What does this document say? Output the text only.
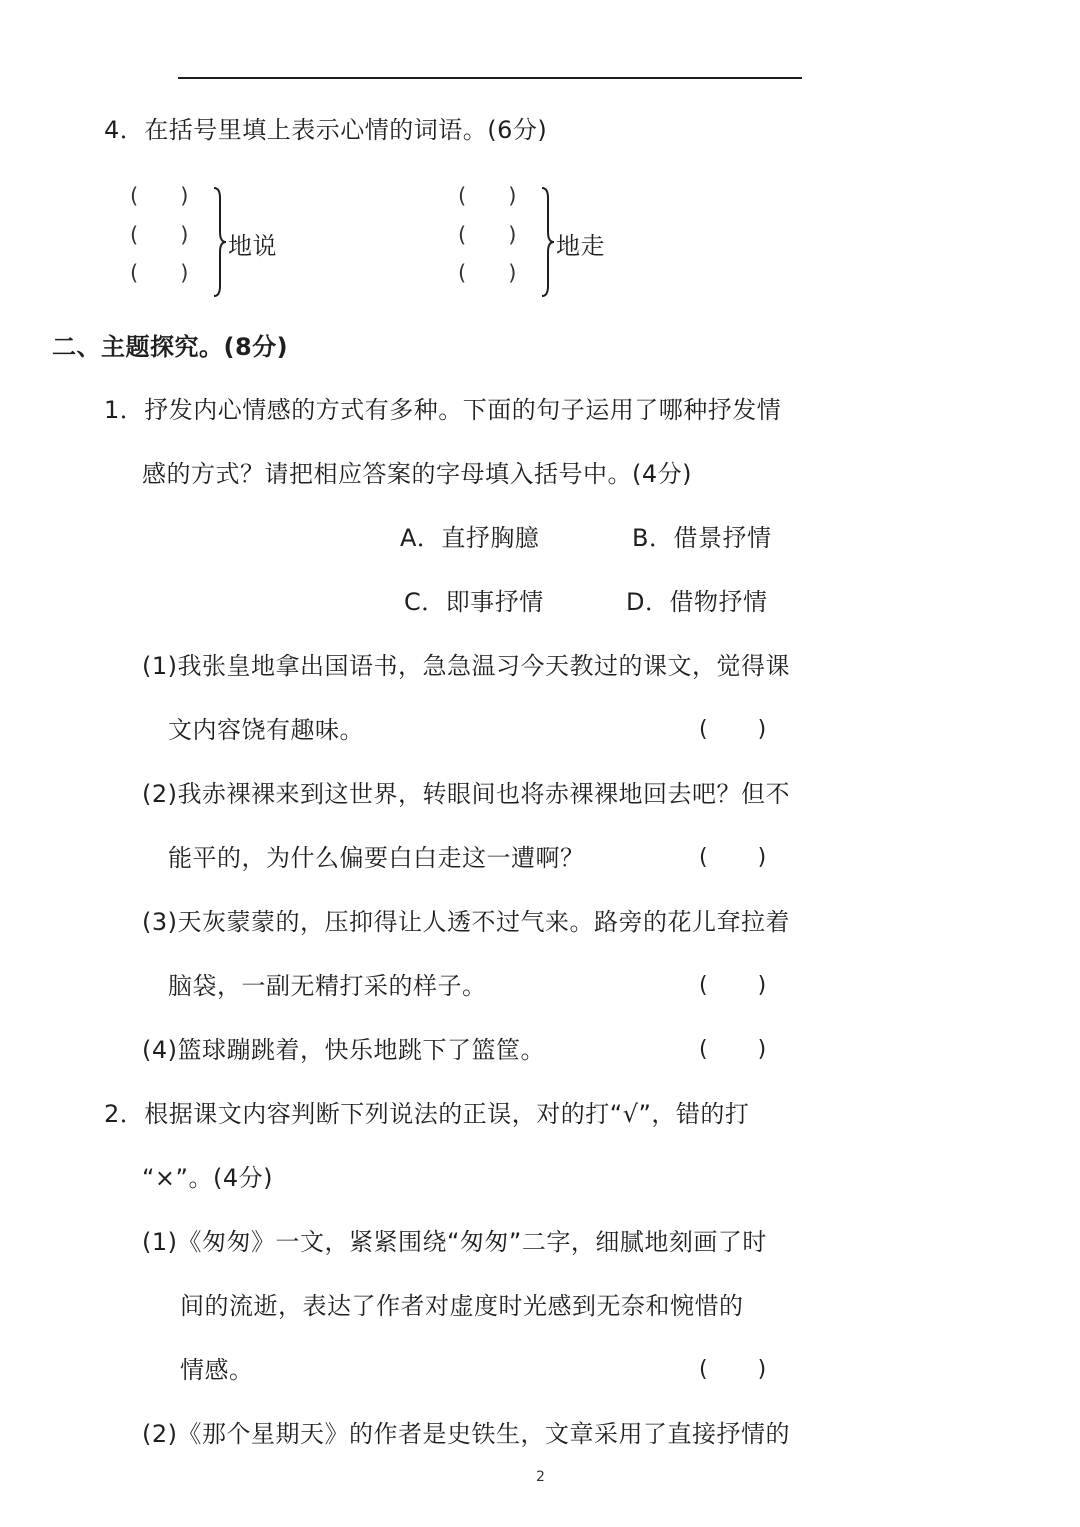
4．在括号里填上表示心情的词语。(6分)
(　　)
(　　)
(　　)
地说
(　　)
(　　)
(　　)
地走
二、主题探究。(8分)
1．抒发内心情感的方式有多种。下面的句子运用了哪种抒发情
感的方式？请把相应答案的字母填入括号中。(4分)
A．直抒胸臆	B．借景抒情
C．即事抒情	D．借物抒情
(1)我张皇地拿出国语书，急急温习今天教过的课文，觉得课
文内容饶有趣味。	(　　)
(2)我赤裸裸来到这世界，转眼间也将赤裸裸地回去吧？但不
能平的，为什么偏要白白走这一遭啊？	(　　)
(3)天灰蒙蒙的，压抑得让人透不过气来。路旁的花儿耷拉着
脑袋，一副无精打采的样子。	(　　)
(4)篮球蹦跳着，快乐地跳下了篮筐。	(　　)
2．根据课文内容判断下列说法的正误，对的打“√”，错的打
“×”。(4分)
(1)《匆匆》一文，紧紧围绕“匆匆”二字，细腻地刻画了时
间的流逝，表达了作者对虚度时光感到无奈和惋惜的
情感。	(　　)
(2)《那个星期天》的作者是史铁生，文章采用了直接抒情的
2
